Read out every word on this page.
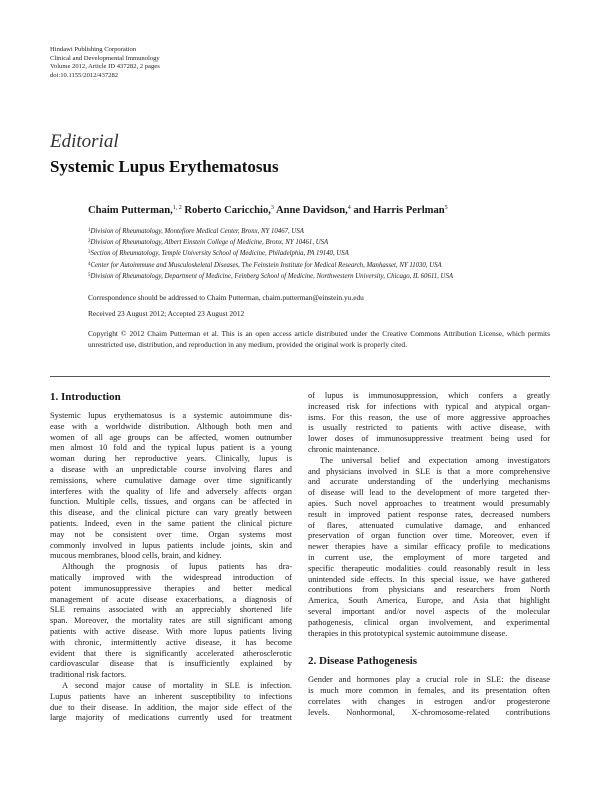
Hindawi Publishing Corporation
Clinical and Developmental Immunology
Volume 2012, Article ID 437282, 2 pages
doi:10.1155/2012/437282
Editorial
Systemic Lupus Erythematosus
Chaim Putterman,$^{1, 2}$ Roberto Caricchio,$^3$ Anne Davidson,$^4$ and Harris Perlman$^5$
$^1$Division of Rheumatology, Montefiore Medical Center, Bronx, NY 10467, USA
$^2$Division of Rheumatology, Albert Einstein College of Medicine, Bronx, NY 10461, USA
$^3$Section of Rheumatology, Temple University School of Medicine, Philadelphia, PA 19140, USA
$^4$Center for Autoimmune and Musculoskeletal Diseases, The Feinstein Institute for Medical Research, Manhasset, NY 11030, USA
$^5$Division of Rheumatology, Department of Medicine, Feinberg School of Medicine, Northwestern University, Chicago, IL 60611, USA
Correspondence should be addressed to Chaim Putterman, chaim.putterman@einstein.yu.edu
Received 23 August 2012; Accepted 23 August 2012
Copyright © 2012 Chaim Putterman et al. This is an open access article distributed under the Creative Commons Attribution License, which permits unrestricted use, distribution, and reproduction in any medium, provided the original work is properly cited.
1. Introduction
Systemic lupus erythematosus is a systemic autoimmune dis-
ease with a worldwide distribution. Although both men and
women of all age groups can be affected, women outnumber
men almost 10 fold and the typical lupus patient is a young
woman during her reproductive years. Clinically, lupus is
a disease with an unpredictable course involving flares and
remissions, where cumulative damage over time significantly
interferes with the quality of life and adversely affects organ
function. Multiple cells, tissues, and organs can be affected in
this disease, and the clinical picture can vary greatly between
patients. Indeed, even in the same patient the clinical picture
may not be consistent over time. Organ systems most
commonly involved in lupus patients include joints, skin and
mucous membranes, blood cells, brain, and kidney.
Although the prognosis of lupus patients has dra-
matically improved with the widespread introduction of
potent immunosuppressive therapies and better medical
management of acute disease exacerbations, a diagnosis of
SLE remains associated with an appreciably shortened life
span. Moreover, the mortality rates are still significant among
patients with active disease. With more lupus patients living
with chronic, intermittently active disease, it has become
evident that there is significantly accelerated atherosclerotic
cardiovascular disease that is insufficiently explained by
traditional risk factors.
A second major cause of mortality in SLE is infection.
Lupus patients have an inherent susceptibility to infections
due to their disease. In addition, the major side effect of the
large majority of medications currently used for treatment
of lupus is immunosuppression, which confers a greatly
increased risk for infections with typical and atypical organ-
isms. For this reason, the use of more aggressive approaches
is usually restricted to patients with active disease, with
lower doses of immunosuppressive treatment being used for
chronic maintenance.
The universal belief and expectation among investigators
and physicians involved in SLE is that a more comprehensive
and accurate understanding of the underlying mechanisms
of disease will lead to the development of more targeted ther-
apies. Such novel approaches to treatment would presumably
result in improved patient response rates, decreased numbers
of flares, attenuated cumulative damage, and enhanced
preservation of organ function over time. Moreover, even if
newer therapies have a similar efficacy profile to medications
in current use, the employment of more targeted and
specific therapeutic modalities could reasonably result in less
unintended side effects. In this special issue, we have gathered
contributions from physicians and researchers from North
America, South America, Europe, and Asia that highlight
several important and/or novel aspects of the molecular
pathogenesis, clinical organ involvement, and experimental
therapies in this prototypical systemic autoimmune disease.
2. Disease Pathogenesis
Gender and hormones play a crucial role in SLE: the disease
is much more common in females, and its presentation often
correlates with changes in estrogen and/or progesterone
levels. Nonhormonal, X-chromosome-related contributions
